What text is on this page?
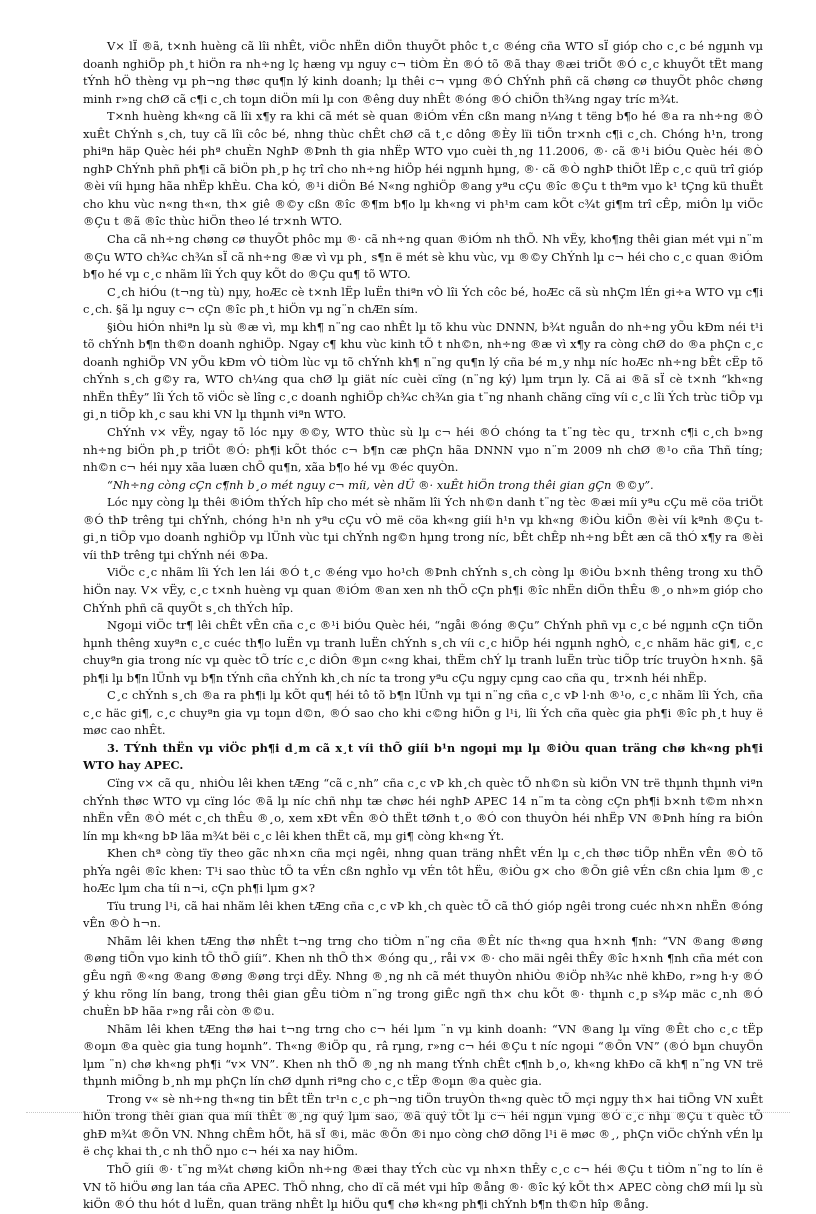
V× lÏ ®ã, t×nh huèng cã lîi nhÊt, viÖc nhËn diÖn thuyÕt phôc t¸c ®éng cña WTO sÏ gióp cho c¸c bé ngµnh vµ doanh nghiÖp ph¸t hiÖn ra nh÷ng lç hæng vµ nguy c¬ tiÒm Èn ®Ó tõ ®ã thay ®æi triÕt ®Ó c¸c khuyÕt tËt mang tÝnh hÖ thèng vµ ph¬ng thøc qu¶n lý kinh doanh; lµ thêi c¬ vµng ®Ó ChÝnh phñ cã chøng cø thuyÕt phôc chøng minh r»ng chØ cã c¶i c¸ch toµn diÖn míi lµ con ®êng duy nhÊt ®óng ®Ó chiÕn th¾ng ngay tríc m¾t.

T×nh huèng kh«ng cã lîi x¶y ra khi cã mét sè quan ®iÓm vÉn cßn mang n¼ng t tëng b¶o hé ®a ra nh÷ng ®Ò xuÊt ChÝnh s¸ch, tuy cã lîi côc bé, nhng thùc chÊt chØ cã t¸c dông ®Èy lïi tiÕn tr×nh c¶i c¸ch. Chóng h¹n, trong phiªn häp Quèc héi phª chuÈn NghÞ ®Þnh th gia nhËp WTO vµo cuèi th¸ng 11.2006, ®· cã ®¹i biÓu Quèc héi ®Ò nghÞ ChÝnh phñ ph¶i cã biÖn ph¸p hç trî cho nh÷ng hiÖp héi ngµnh hµng, ®· cã ®Ò nghÞ thiÕt lËp c¸c quü trî gióp ®èi víi hµng hãa nhËp khÈu. Cha kÓ, ®¹i diÖn Bé N«ng nghiÖp ®ang yªu cÇu ®îc ®Çu t thªm vµo k¹ tÇng kü thuËt cho khu vùc n«ng th«n, th× giê ®©y cßn ®îc ®¶m b¶o lµ kh«ng vi ph¹m cam kÕt c¾t gi¶m trî cÊp, miÔn lµ viÖc ®Çu t ®ã ®îc thùc hiÖn theo lé tr×nh WTO.

Cha cã nh÷ng chøng cø thuyÕt phôc mµ ®· cã nh÷ng quan ®iÓm nh thÕ. Nh vËy, kho¶ng thêi gian mét vµi n¨m ®Çu WTO ch¾c ch¾n sÏ cã nh÷ng ®æ vì vµ ph¸ s¶n ë mét sè khu vùc, vµ ®©y ChÝnh lµ c¬ héi cho c¸c quan ®iÓm b¶o hé vµ c¸c nhãm lîi Ých quy kÕt do ®Çu qu¶ tõ WTO.

C¸ch hiÓu (t¬ng tù) nµy, hoÆc cè t×nh lËp luËn thiªn vÒ lîi Ých côc bé, hoÆc cã sù nhÇm lÉn gi÷a WTO vµ c¶i c¸ch. §ã lµ nguy c¬ cÇn ®îc ph¸t hiÖn vµ ng¨n chÆn sím.

§iÒu hiÓn nhiªn lµ sù ®æ vì, mµ kh¶ n¨ng cao nhÊt lµ tõ khu vùc DNNN, b¾t nguån do nh÷ng yÕu kÐm néi t¹i tõ chÝnh b¶n th©n doanh nghiÖp. Ngay c¶ khu vùc kinh tÕ t nh©n, nh÷ng ®æ vì x¶y ra còng chØ do ®a phÇn c¸c doanh nghiÖp VN yÕu kÐm vÒ tiÒm lùc vµ tõ chÝnh kh¶ n¨ng qu¶n lý cña bé m¸y nhµ níc hoÆc nh÷ng bÊt cËp tõ chÝnh s¸ch g©y ra, WTO ch¼ng qua chØ lµ giät níc cuèi cïng (n¨ng ký) lµm trµn ly. Cã ai ®ã sÏ cè t×nh “kh«ng nhËn thÊy” lîi Ých tõ viÖc sè lîng c¸c doanh nghiÖp ch¾c ch¾n gia t¨ng nhanh chãng cïng víi c¸c lîi Ých trùc tiÕp vµ gi¸n tiÕp kh¸c sau khi VN lµ thµnh viªn WTO.

ChÝnh v× vËy, ngay tõ lóc nµy ®©y, WTO thùc sù lµ c¬ héi ®Ó chóng ta t¨ng tèc qu¸ tr×nh c¶i c¸ch b»ng nh÷ng biÖn ph¸p triÖt ®Ó: ph¶i kÕt thóc c¬ b¶n cæ phÇn hãa DNNN vµo n¨m 2009 nh chØ ®¹o cña Thñ tíng; nh©n c¬ héi nµy xãa luæn chÕ qu¶n, xãa b¶o hé vµ ®éc quyÒn.

“Nh÷ng còng cÇn c¶nh b¸o mét nguy c¬ míi, vèn dÜ ®· xuÊt hiÖn trong thêi gian gÇn ®©y”.

Lóc nµy còng lµ thêi ®iÓm thÝch hîp cho mét sè nhãm lîi Ých nh©n danh t¨ng tèc ®æi míi yªu cÇu më cöa triÖt ®Ó thÞ trêng tµi chÝnh, chóng h¹n nh yªu cÇu vÒ më cöa kh«ng giíi h¹n vµ kh«ng ®iÒu kiÖn ®èi víi kªnh ®Çu t gi¸n tiÕp vµo doanh nghiÖp vµ lÜnh vùc tµi chÝnh ng©n hµng trong níc, bÊt chÊp nh÷ng bÊt æn cã thÓ x¶y ra ®èi víi thÞ trêng tµi chÝnh néi ®Þa.

ViÖc c¸c nhãm lîi Ých len lái ®Ó t¸c ®éng vµo ho¹ch ®Þnh chÝnh s¸ch còng lµ ®iÒu b×nh thêng trong xu thÕ hiÖn nay. V× vËy, c¸c t×nh huèng vµ quan ®iÓm ®an xen nh thÕ cÇn ph¶i ®îc nhËn diÖn thÊu ®¸o nh»m gióp cho ChÝnh phñ cã quyÕt s¸ch thÝch hîp.

Ngoµi viÖc tr¶ lêi chÊt vÊn cña c¸c ®¹i biÓu Quèc héi, “ngåi ®óng ®Çu” ChÝnh phñ vµ c¸c bé ngµnh cÇn tiÕn hµnh thêng xuyªn c¸c cuéc th¶o luËn vµ tranh luËn chÝnh s¸ch víi c¸c hiÖp héi ngµnh nghÒ, c¸c nhãm häc gi¶, c¸c chuyªn gia trong níc vµ quèc tÕ tríc c¸c diÔn ®µn c«ng khai, thËm chÝ lµ tranh luËn trùc tiÕp tríc truyÒn h×nh. §ã ph¶i lµ b¶n lÜnh vµ b¶n tÝnh cña chÝnh kh¸ch níc ta trong yªu cÇu ngµy cµng cao cña qu¸ tr×nh héi nhËp.

C¸c chÝnh s¸ch ®a ra ph¶i lµ kÕt qu¶ héi tô tõ b¶n lÜnh vµ tµi n¨ng cña c¸c vÞ l·nh ®¹o, c¸c nhãm lîi Ých, cña c¸c häc gi¶, c¸c chuyªn gia vµ toµn d©n, ®Ó sao cho khi c©ng hiÕn g l¹i, lîi Ých cña quèc gia ph¶i ®îc ph¸t huy ë møc cao nhÊt.

3. TÝnh thËn vµ viÖc ph¶i d¸m cã x¸t víi thÕ giíi b¹n ngoµi mµ lµ ®iÒu quan träng chø kh«ng ph¶i WTO hay APEC.

Cïng v× cã qu¸ nhiÒu lêi khen tÆng “cã c¸nh” cña c¸c vÞ kh¸ch quèc tÕ nh©n sù kiÖn VN trë thµnh thµnh viªn chÝnh thøc WTO vµ cïng lóc ®ã lµ níc chñ nhµ tæ chøc héi nghÞ APEC 14 n¨m ta còng cÇn ph¶i b×nh t©m nh×n nhËn vÊn ®Ò mét c¸ch thÊu ®¸o, xem xÐt vÊn ®Ò thËt tØnh t¸o ®Ó con thuyÒn héi nhËp VN ®Þnh híng ra biÓn lín mµ kh«ng bÞ lãa m¾t bëi c¸c lêi khen thËt cã, mµ gi¶ còng kh«ng Ýt.

Khen chª còng tïy theo gãc nh×n cña mçi ngêi, nhng quan träng nhÊt vÉn lµ c¸ch thøc tiÕp nhËn vÊn ®Ò tõ phÝa ngêi ®îc khen: T¹i sao thùc tÕ ta vÉn cßn nghÌo vµ vÉn tôt hËu, ®iÒu g× cho ®Õn giê vÉn cßn chia lµm ®¸c hoÆc lµm cha tíi n¬i, cÇn ph¶i lµm g×?

Tïu trung l¹i, cã hai nhãm lêi khen tÆng cña c¸c vÞ kh¸ch quèc tÕ cã thÓ gióp ngêi trong cuéc nh×n nhËn ®óng vÊn ®Ò h¬n.

Nhãm lêi khen tÆng thø nhÊt t¬ng trng cho tiÒm n¨ng cña ®Êt níc th«ng qua h×nh ¶nh: “VN ®ang ®øng ®øng tiÕn vµo kinh tÕ thÕ giíi”. Khen nh thÕ th× ®óng qu¸, råi v× ®· cho mäi ngêi thÊy ®îc h×nh ¶nh cña mét con gÊu ngñ ®«ng ®ang ®øng ®øng trçi dËy. Nhng ®¸ng nh cã mét thuyÒn nhiÒu ®iÖp nh¾c nhë khÐo, r»ng h·y ®Ó ý khu rõng lín bang, trong thêi gian gÊu tiÒm n¨ng trong giÊc ngñ th× chu kÕt ®· thµnh c¸p s¾p mäc c¸nh ®Ó chuÈn bÞ hãa r»ng råi còn ®©u.

Nhãm lêi khen tÆng thø hai t¬ng trng cho c¬ héi lµm ¨n vµ kinh doanh: “VN ®ang lµ vïng ®Êt cho c¸c tËp ®oµn ®a quèc gia tung hoµnh”. Th«ng ®iÖp qu¸ râ rµng, r»ng c¬ héi ®Çu t níc ngoµi “®Õn VN” (®Ó bµn chuyÖn lµm ¨n) chø kh«ng ph¶i “v× VN”. Khen nh thÕ ®¸ng nh mang tÝnh chÊt c¶nh b¸o, kh«ng khÐo cã kh¶ n¨ng VN trë thµnh miÕng b¸nh mµ phÇn lín chØ dµnh riªng cho c¸c tËp ®oµn ®a quèc gia.

Trong v« sè nh÷ng th«ng tin bÊt tËn tr¹n c¸c ph¬ng tiÖn truyÒn th«ng quèc tÕ mçi ngµy th× hai tiÕng VN xuÊt hiÖn trong thêi gian qua míi thÊt ®¸ng quý lµm sao, ®ã quý tÕt lµ c¬ héi ngµn vµng ®Ó c¸c nhµ ®Çu t quèc tÕ ghÐ m¾t ®Õn VN. Nhng chÊm hÕt, hä sÏ ®i, mäc ®Õn ®i nµo còng chØ dõng l¹i ë møc ®¸, phÇn viÖc chÝnh vÉn lµ ë chç khai th¸c nh thÕ nµo c¬ héi xa nay hiÕm.

ThÕ giíi ®· t¨ng m¾t chøng kiÕn nh÷ng ®æi thay tÝch cùc vµ nh×n thÊy c¸c c¬ héi ®Çu t tiÒm n¨ng to lín ë VN tõ hiÖu øng lan táa cña APEC. ThÕ nhng, cho dï cã mét vµi hîp ®ång ®· ®îc ký kÕt th× APEC còng chØ míi lµ sù kiÖn ®Ó thu hót d luËn, quan träng nhÊt lµ hiÖu qu¶ chø kh«ng ph¶i chÝnh b¶n th©n hîp ®ång.
